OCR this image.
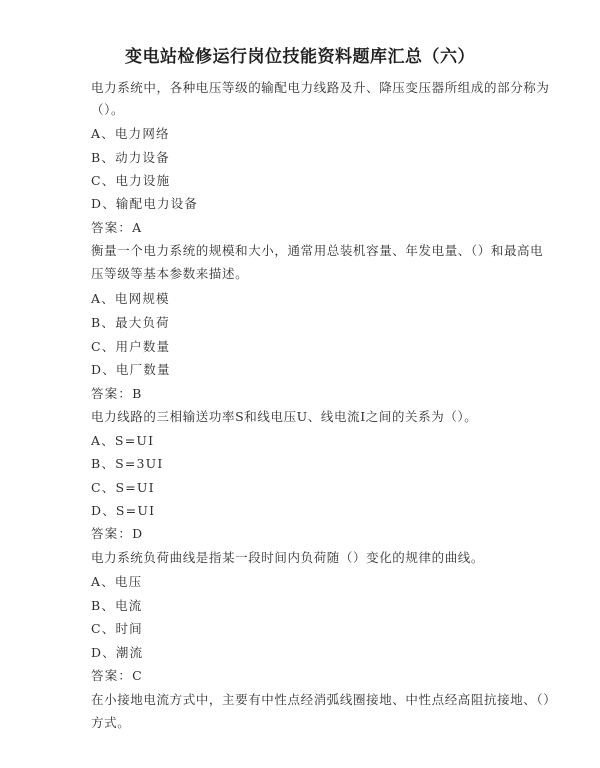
变电站检修运行岗位技能资料题库汇总（六）
电力系统中，各种电压等级的输配电力线路及升、降压变压器所组成的部分称为
（）。
A、电力网络
B、动力设备
C、电力设施
D、输配电力设备
答案：A
衡量一个电力系统的规模和大小，通常用总装机容量、年发电量、（）和最高电
压等级等基本参数来描述。
A、电网规模
B、最大负荷
C、用户数量
D、电厂数量
答案：B
电力线路的三相输送功率S和线电压U、线电流I之间的关系为（）。
A、S=UI
B、S=3UI
C、S=UI
D、S=UI
答案：D
电力系统负荷曲线是指某一段时间内负荷随（）变化的规律的曲线。
A、电压
B、电流
C、时间
D、潮流
答案：C
在小接地电流方式中，主要有中性点经消弧线圈接地、中性点经高阻抗接地、（）
方式。
